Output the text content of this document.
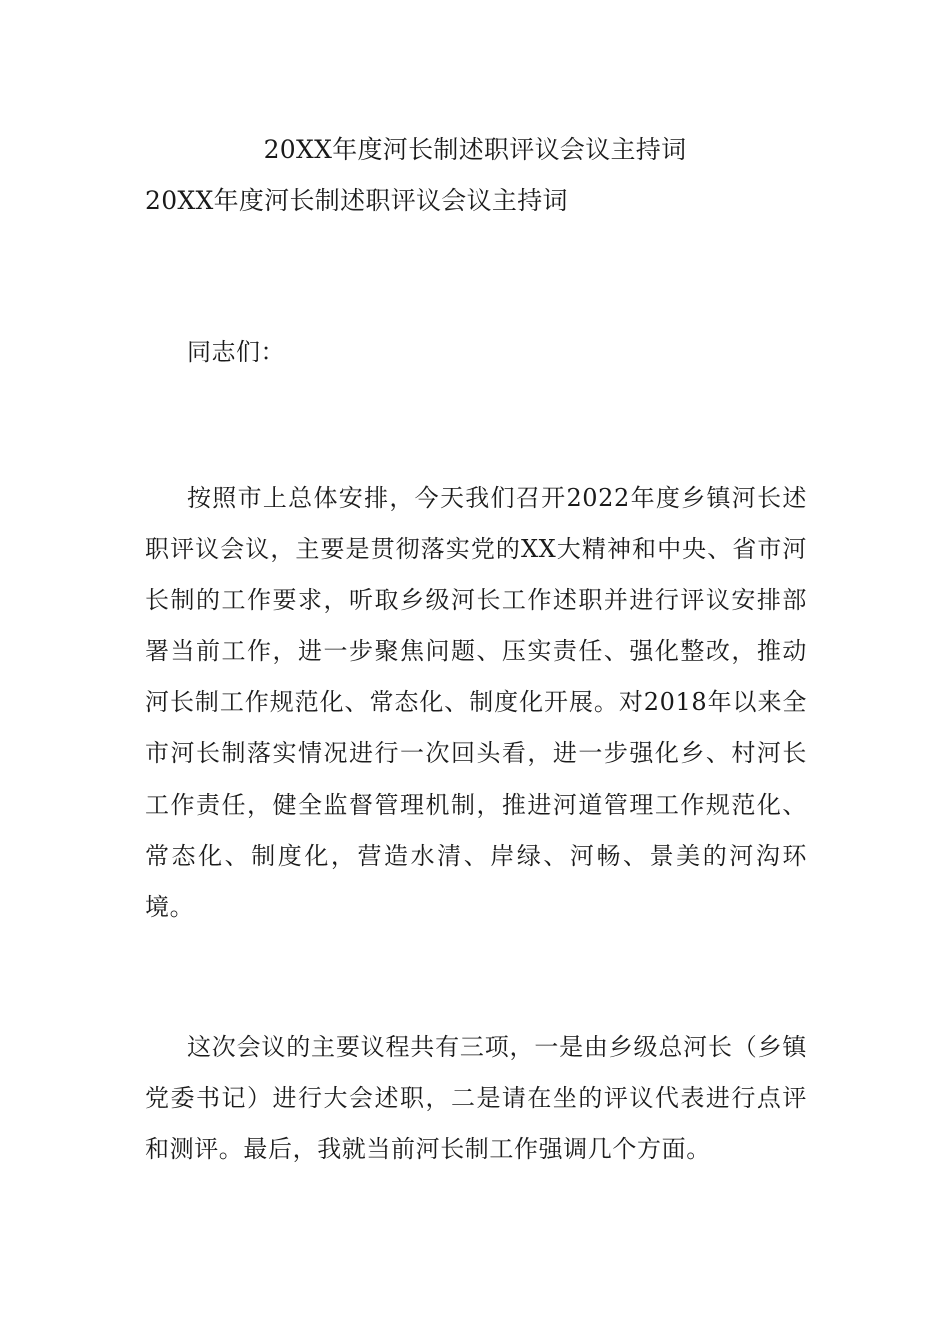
20XX年度河长制述职评议会议主持词
20XX年度河长制述职评议会议主持词
同志们：

按照市上总体安排，今天我们召开2022年度乡镇河长述职评议会议，主要是贯彻落实党的XX大精神和中央、省市河长制的工作要求，听取乡级河长工作述职并进行评议安排部署当前工作，进一步聚焦问题、压实责任、强化整改，推动河长制工作规范化、常态化、制度化开展。对2018年以来全市河长制落实情况进行一次回头看，进一步强化乡、村河长工作责任，健全监督管理机制，推进河道管理工作规范化、常态化、制度化，营造水清、岸绿、河畅、景美的河沟环境。

这次会议的主要议程共有三项，一是由乡级总河长（乡镇党委书记）进行大会述职，二是请在坐的评议代表进行点评和测评。最后，我就当前河长制工作强调几个方面。
